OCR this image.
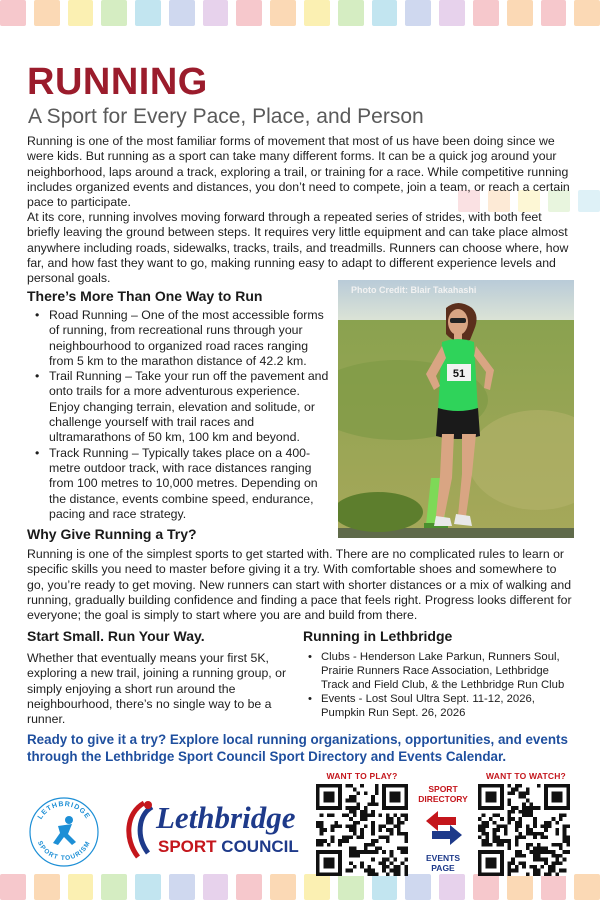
RUNNING
A Sport for Every Pace, Place, and Person

Running is one of the most familiar forms of movement that most of us have been doing since we were kids. But running as a sport can take many different forms. It can be a quick jog around your neighborhood, laps around a track, exploring a trail, or training for a race. While competitive running includes organized events and distances, you don’t need to compete, join a team, or reach a certain pace to participate.

At its core, running involves moving forward through a repeated series of strides, with both feet briefly leaving the ground between steps. It requires very little equipment and can take place almost anywhere including roads, sidewalks, tracks, trails, and treadmills. Runners can choose where, how far, and how fast they want to go, making running easy to adapt to different experience levels and personal goals.

There’s More Than One Way to Run
• Road Running – One of the most accessible forms of running, from recreational runs through your neighbourhood to organized road races ranging from 5 km to the marathon distance of 42.2 km.
• Trail Running – Take your run off the pavement and onto trails for a more adventurous experience. Enjoy changing terrain, elevation and solitude, or challenge yourself with trail races and ultramarathons of 50 km, 100 km and beyond.
• Track Running – Typically takes place on a 400-metre outdoor track, with race distances ranging from 100 metres to 10,000 metres. Depending on the distance, events combine speed, endurance, pacing and race strategy.
51
Photo Credit: Blair Takahashi
Why Give Running a Try?

Running is one of the simplest sports to get started with. There are no complicated rules to learn or specific skills you need to master before giving it a try. With comfortable shoes and somewhere to go, you’re ready to get moving. New runners can start with shorter distances or a mix of walking and running, gradually building confidence and finding a pace that feels right. Progress looks different for everyone; the goal is simply to start where you are and build from there.

Start Small. Run Your Way.

Whether that eventually means your first 5K, exploring a new trail, joining a running group, or simply enjoying a short run around the neighbourhood, there’s no single way to be a runner.

Running in Lethbridge
• Clubs - Henderson Lake Parkun, Runners Soul, Prairie Runners Race Association, Lethbridge Track and Field Club, & the Lethbridge Run Club
• Events - Lost Soul Ultra Sept. 11-12, 2026, Pumpkin Run Sept. 26, 2026

Ready to give it a try? Explore local running organizations, opportunities, and events through the Lethbridge Sport Council Sport Directory and Events Calendar.

LETHBRIDGE
SPORT TOURISM
Lethbridge
SPORT COUNCIL
WANT TO PLAY?
SPORT DIRECTORY
EVENTS PAGE
WANT TO WATCH?
